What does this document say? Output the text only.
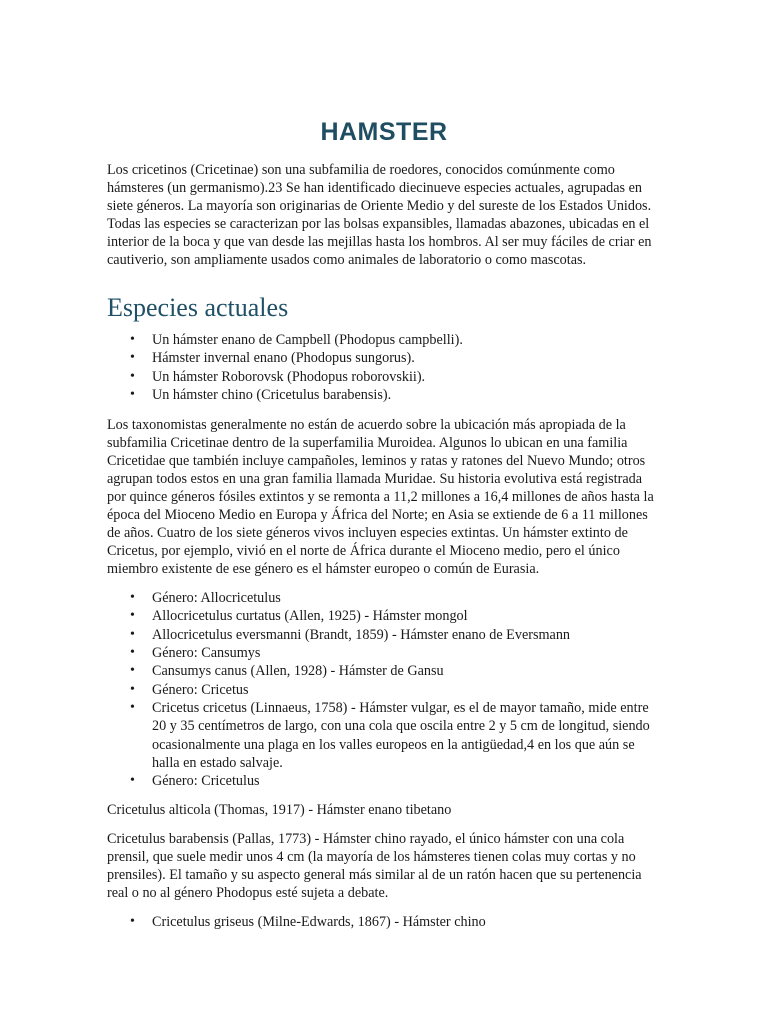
HAMSTER

Los cricetinos (Cricetinae) son una subfamilia de roedores, conocidos comúnmente como hámsteres (un germanismo).23 Se han identificado diecinueve especies actuales, agrupadas en siete géneros. La mayoría son originarias de Oriente Medio y del sureste de los Estados Unidos. Todas las especies se caracterizan por las bolsas expansibles, llamadas abazones, ubicadas en el interior de la boca y que van desde las mejillas hasta los hombros. Al ser muy fáciles de criar en cautiverio, son ampliamente usados como animales de laboratorio o como mascotas.

Especies actuales
• Un hámster enano de Campbell (Phodopus campbelli).
• Hámster invernal enano (Phodopus sungorus).
• Un hámster Roborovsk (Phodopus roborovskii).
• Un hámster chino (Cricetulus barabensis).

Los taxonomistas generalmente no están de acuerdo sobre la ubicación más apropiada de la subfamilia Cricetinae dentro de la superfamilia Muroidea. Algunos lo ubican en una familia Cricetidae que también incluye campañoles, leminos y ratas y ratones del Nuevo Mundo; otros agrupan todos estos en una gran familia llamada Muridae. Su historia evolutiva está registrada por quince géneros fósiles extintos y se remonta a 11,2 millones a 16,4 millones de años hasta la época del Mioceno Medio en Europa y África del Norte; en Asia se extiende de 6 a 11 millones de años. Cuatro de los siete géneros vivos incluyen especies extintas. Un hámster extinto de Cricetus, por ejemplo, vivió en el norte de África durante el Mioceno medio, pero el único miembro existente de ese género es el hámster europeo o común de Eurasia.

• Género: Allocricetulus
• Allocricetulus curtatus (Allen, 1925) - Hámster mongol
• Allocricetulus eversmanni (Brandt, 1859) - Hámster enano de Eversmann
• Género: Cansumys
• Cansumys canus (Allen, 1928) - Hámster de Gansu
• Género: Cricetus
• Cricetus cricetus (Linnaeus, 1758) - Hámster vulgar, es el de mayor tamaño, mide entre 20 y 35 centímetros de largo, con una cola que oscila entre 2 y 5 cm de longitud, siendo ocasionalmente una plaga en los valles europeos en la antigüedad,4 en los que aún se halla en estado salvaje.
• Género: Cricetulus

Cricetulus alticola (Thomas, 1917) - Hámster enano tibetano

Cricetulus barabensis (Pallas, 1773) - Hámster chino rayado, el único hámster con una cola prensil, que suele medir unos 4 cm (la mayoría de los hámsteres tienen colas muy cortas y no prensiles). El tamaño y su aspecto general más similar al de un ratón hacen que su pertenencia real o no al género Phodopus esté sujeta a debate.

• Cricetulus griseus (Milne-Edwards, 1867) - Hámster chino
